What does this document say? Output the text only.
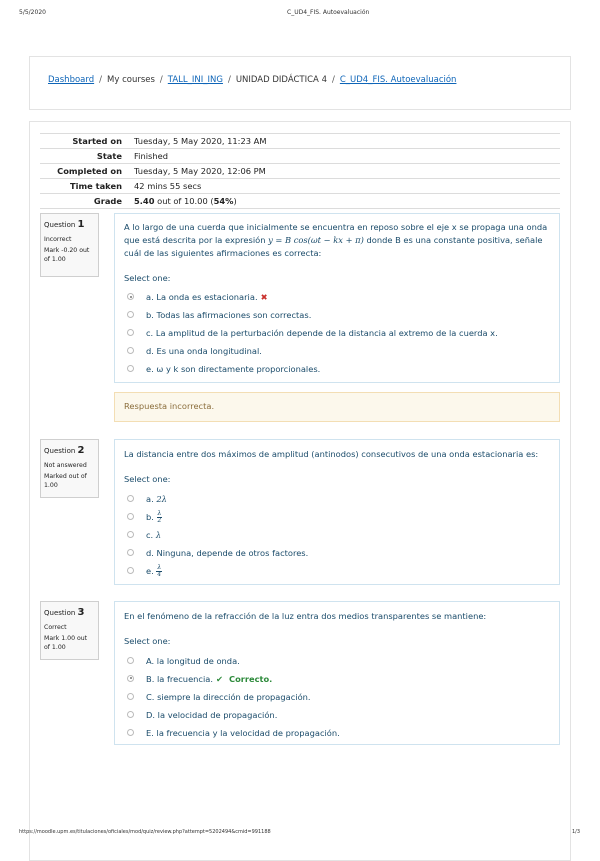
5/5/2020	C_UD4_FIS. Autoevaluación
Dashboard / My courses / TALL_INI_ING / UNIDAD DIDÁCTICA 4 / C_UD4_FIS. Autoevaluación
Started on	Tuesday, 5 May 2020, 11:23 AM
State	Finished
Completed on	Tuesday, 5 May 2020, 12:06 PM
Time taken	42 mins 55 secs
Grade	5.40 out of 10.00 (54%)
Question 1

Incorrect

Mark -0.20 out of 1.00

A lo largo de una cuerda que inicialmente se encuentra en reposo sobre el eje x se propaga una onda que está descrita por la expresión y = B cos(ωt − kx + π) donde B es una constante positiva, señale cuál de las siguientes afirmaciones es correcta:

Select one:
a. La onda es estacionaria. ✖
b. Todas las afirmaciones son correctas.
c. La amplitud de la perturbación depende de la distancia al extremo de la cuerda x.
d. Es una onda longitudinal.
e. ω y k son directamente proporcionales.
Respuesta incorrecta.
Question 2

Not answered

Marked out of 1.00

La distancia entre dos máximos de amplitud (antinodos) consecutivos de una onda estacionaria es:

Select one:
a. 2λ
b. $\frac{\lambda}{2}$
c. λ
d. Ninguna, depende de otros factores.
e. $\frac{\lambda}{4}$
Question 3

Correct

Mark 1.00 out of 1.00

En el fenómeno de la refracción de la luz entra dos medios transparentes se mantiene:

Select one:
A. la longitud de onda.
B. la frecuencia. ✔ Correcto.
C. siempre la dirección de propagación.
D. la velocidad de propagación.
E. la frecuencia y la velocidad de propagación.
https://moodle.upm.es/titulaciones/oficiales/mod/quiz/review.php?attempt=5202494&cmid=991188	1/3
